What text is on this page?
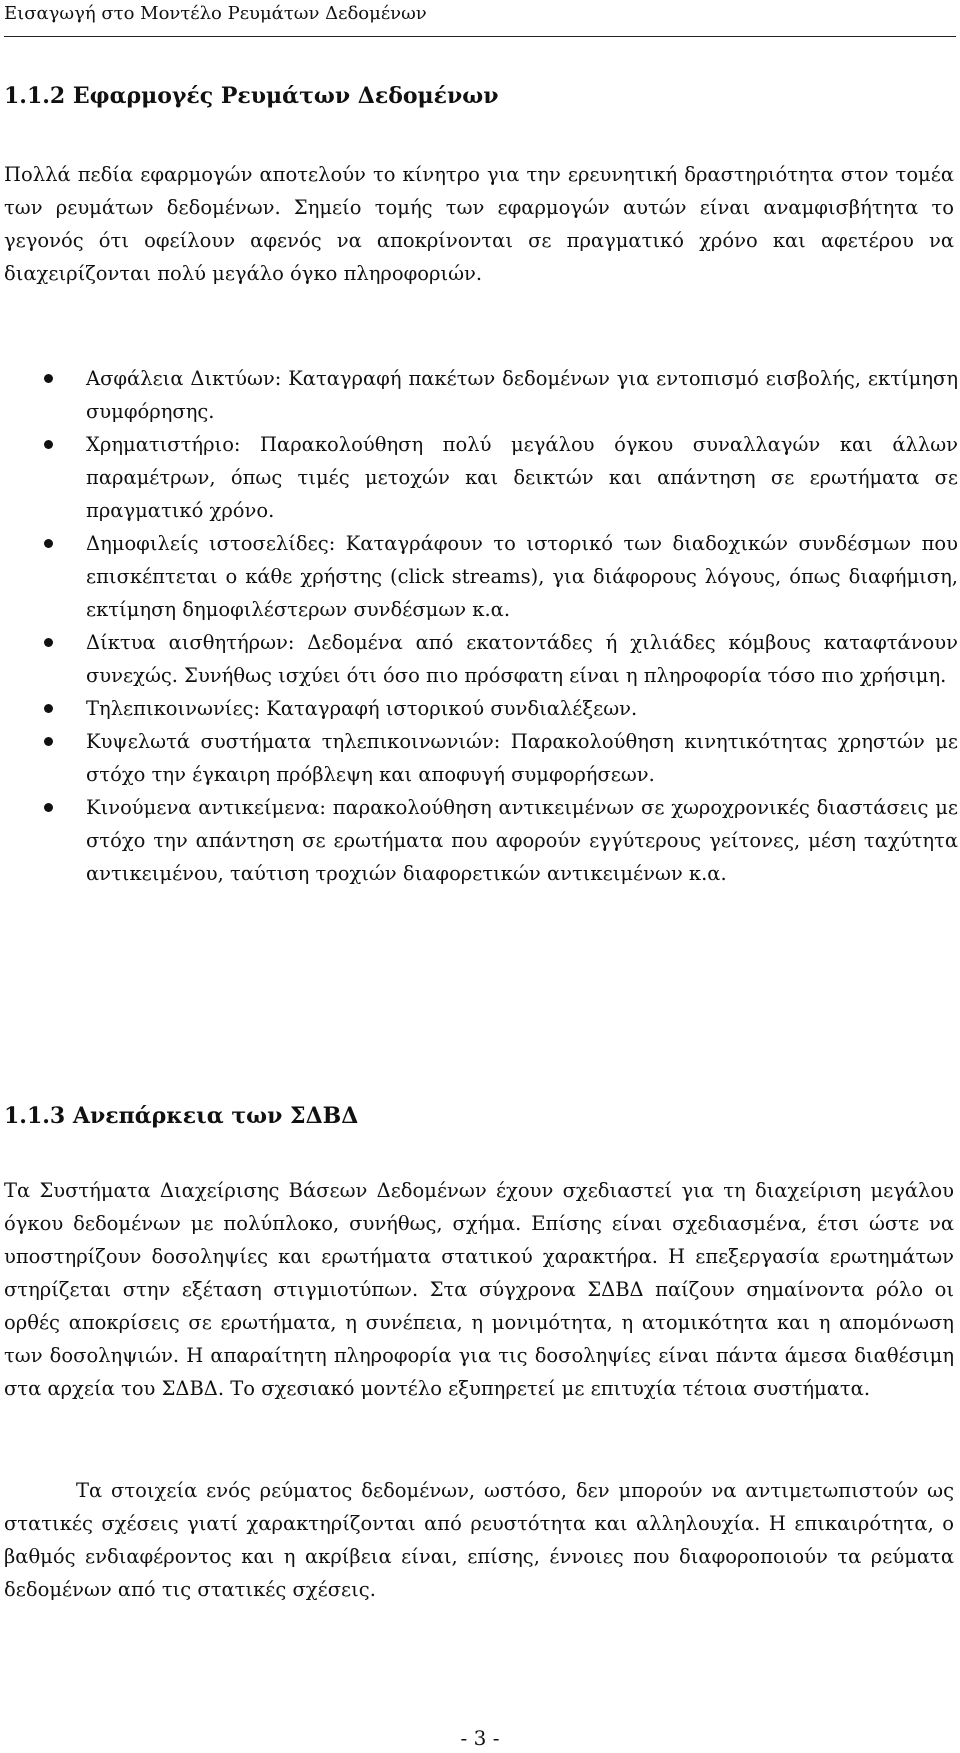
Εισαγωγή στο Μοντέλο Ρευμάτων Δεδομένων
1.1.2 Εφαρμογές Ρευμάτων Δεδομένων

Πολλά πεδία εφαρμογών αποτελούν το κίνητρο για την ερευνητική δραστηριότητα στον τομέα των ρευμάτων δεδομένων. Σημείο τομής των εφαρμογών αυτών είναι αναμφισβήτητα το γεγονός ότι οφείλουν αφενός να αποκρίνονται σε πραγματικό χρόνο και αφετέρου να διαχειρίζονται πολύ μεγάλο όγκο πληροφοριών.

Ασφάλεια Δικτύων: Καταγραφή πακέτων δεδομένων για εντοπισμό εισβολής, εκτίμηση συμφόρησης.
Χρηματιστήριο: Παρακολούθηση πολύ μεγάλου όγκου συναλλαγών και άλλων παραμέτρων, όπως τιμές μετοχών και δεικτών και απάντηση σε ερωτήματα σε πραγματικό χρόνο.
Δημοφιλείς ιστοσελίδες: Καταγράφουν το ιστορικό των διαδοχικών συνδέσμων που επισκέπτεται ο κάθε χρήστης (click streams), για διάφορους λόγους, όπως διαφήμιση, εκτίμηση δημοφιλέστερων συνδέσμων κ.α.
Δίκτυα αισθητήρων: Δεδομένα από εκατοντάδες ή χιλιάδες κόμβους καταφτάνουν συνεχώς. Συνήθως ισχύει ότι όσο πιο πρόσφατη είναι η πληροφορία τόσο πιο χρήσιμη.
Τηλεπικοινωνίες: Καταγραφή ιστορικού συνδιαλέξεων.
Κυψελωτά συστήματα τηλεπικοινωνιών: Παρακολούθηση κινητικότητας χρηστών με στόχο την έγκαιρη πρόβλεψη και αποφυγή συμφορήσεων.
Κινούμενα αντικείμενα: παρακολούθηση αντικειμένων σε χωροχρονικές διαστάσεις με στόχο την απάντηση σε ερωτήματα που αφορούν εγγύτερους γείτονες, μέση ταχύτητα αντικειμένου, ταύτιση τροχιών διαφορετικών αντικειμένων κ.α.
1.1.3 Ανεπάρκεια των ΣΔΒΔ

Τα Συστήματα Διαχείρισης Βάσεων Δεδομένων έχουν σχεδιαστεί για τη διαχείριση μεγάλου όγκου δεδομένων με πολύπλοκο, συνήθως, σχήμα. Επίσης είναι σχεδιασμένα, έτσι ώστε να υποστηρίζουν δοσοληψίες και ερωτήματα στατικού χαρακτήρα. Η επεξεργασία ερωτημάτων στηρίζεται στην εξέταση στιγμιοτύπων. Στα σύγχρονα ΣΔΒΔ παίζουν σημαίνοντα ρόλο οι ορθές αποκρίσεις σε ερωτήματα, η συνέπεια, η μονιμότητα, η ατομικότητα και η απομόνωση των δοσοληψιών. Η απαραίτητη πληροφορία για τις δοσοληψίες είναι πάντα άμεσα διαθέσιμη στα αρχεία του ΣΔΒΔ. Το σχεσιακό μοντέλο εξυπηρετεί με επιτυχία τέτοια συστήματα.

Τα στοιχεία ενός ρεύματος δεδομένων, ωστόσο, δεν μπορούν να αντιμετωπιστούν ως στατικές σχέσεις γιατί χαρακτηρίζονται από ρευστότητα και αλληλουχία. Η επικαιρότητα, ο βαθμός ενδιαφέροντος και η ακρίβεια είναι, επίσης, έννοιες που διαφοροποιούν τα ρεύματα δεδομένων από τις στατικές σχέσεις.

- 3 -
